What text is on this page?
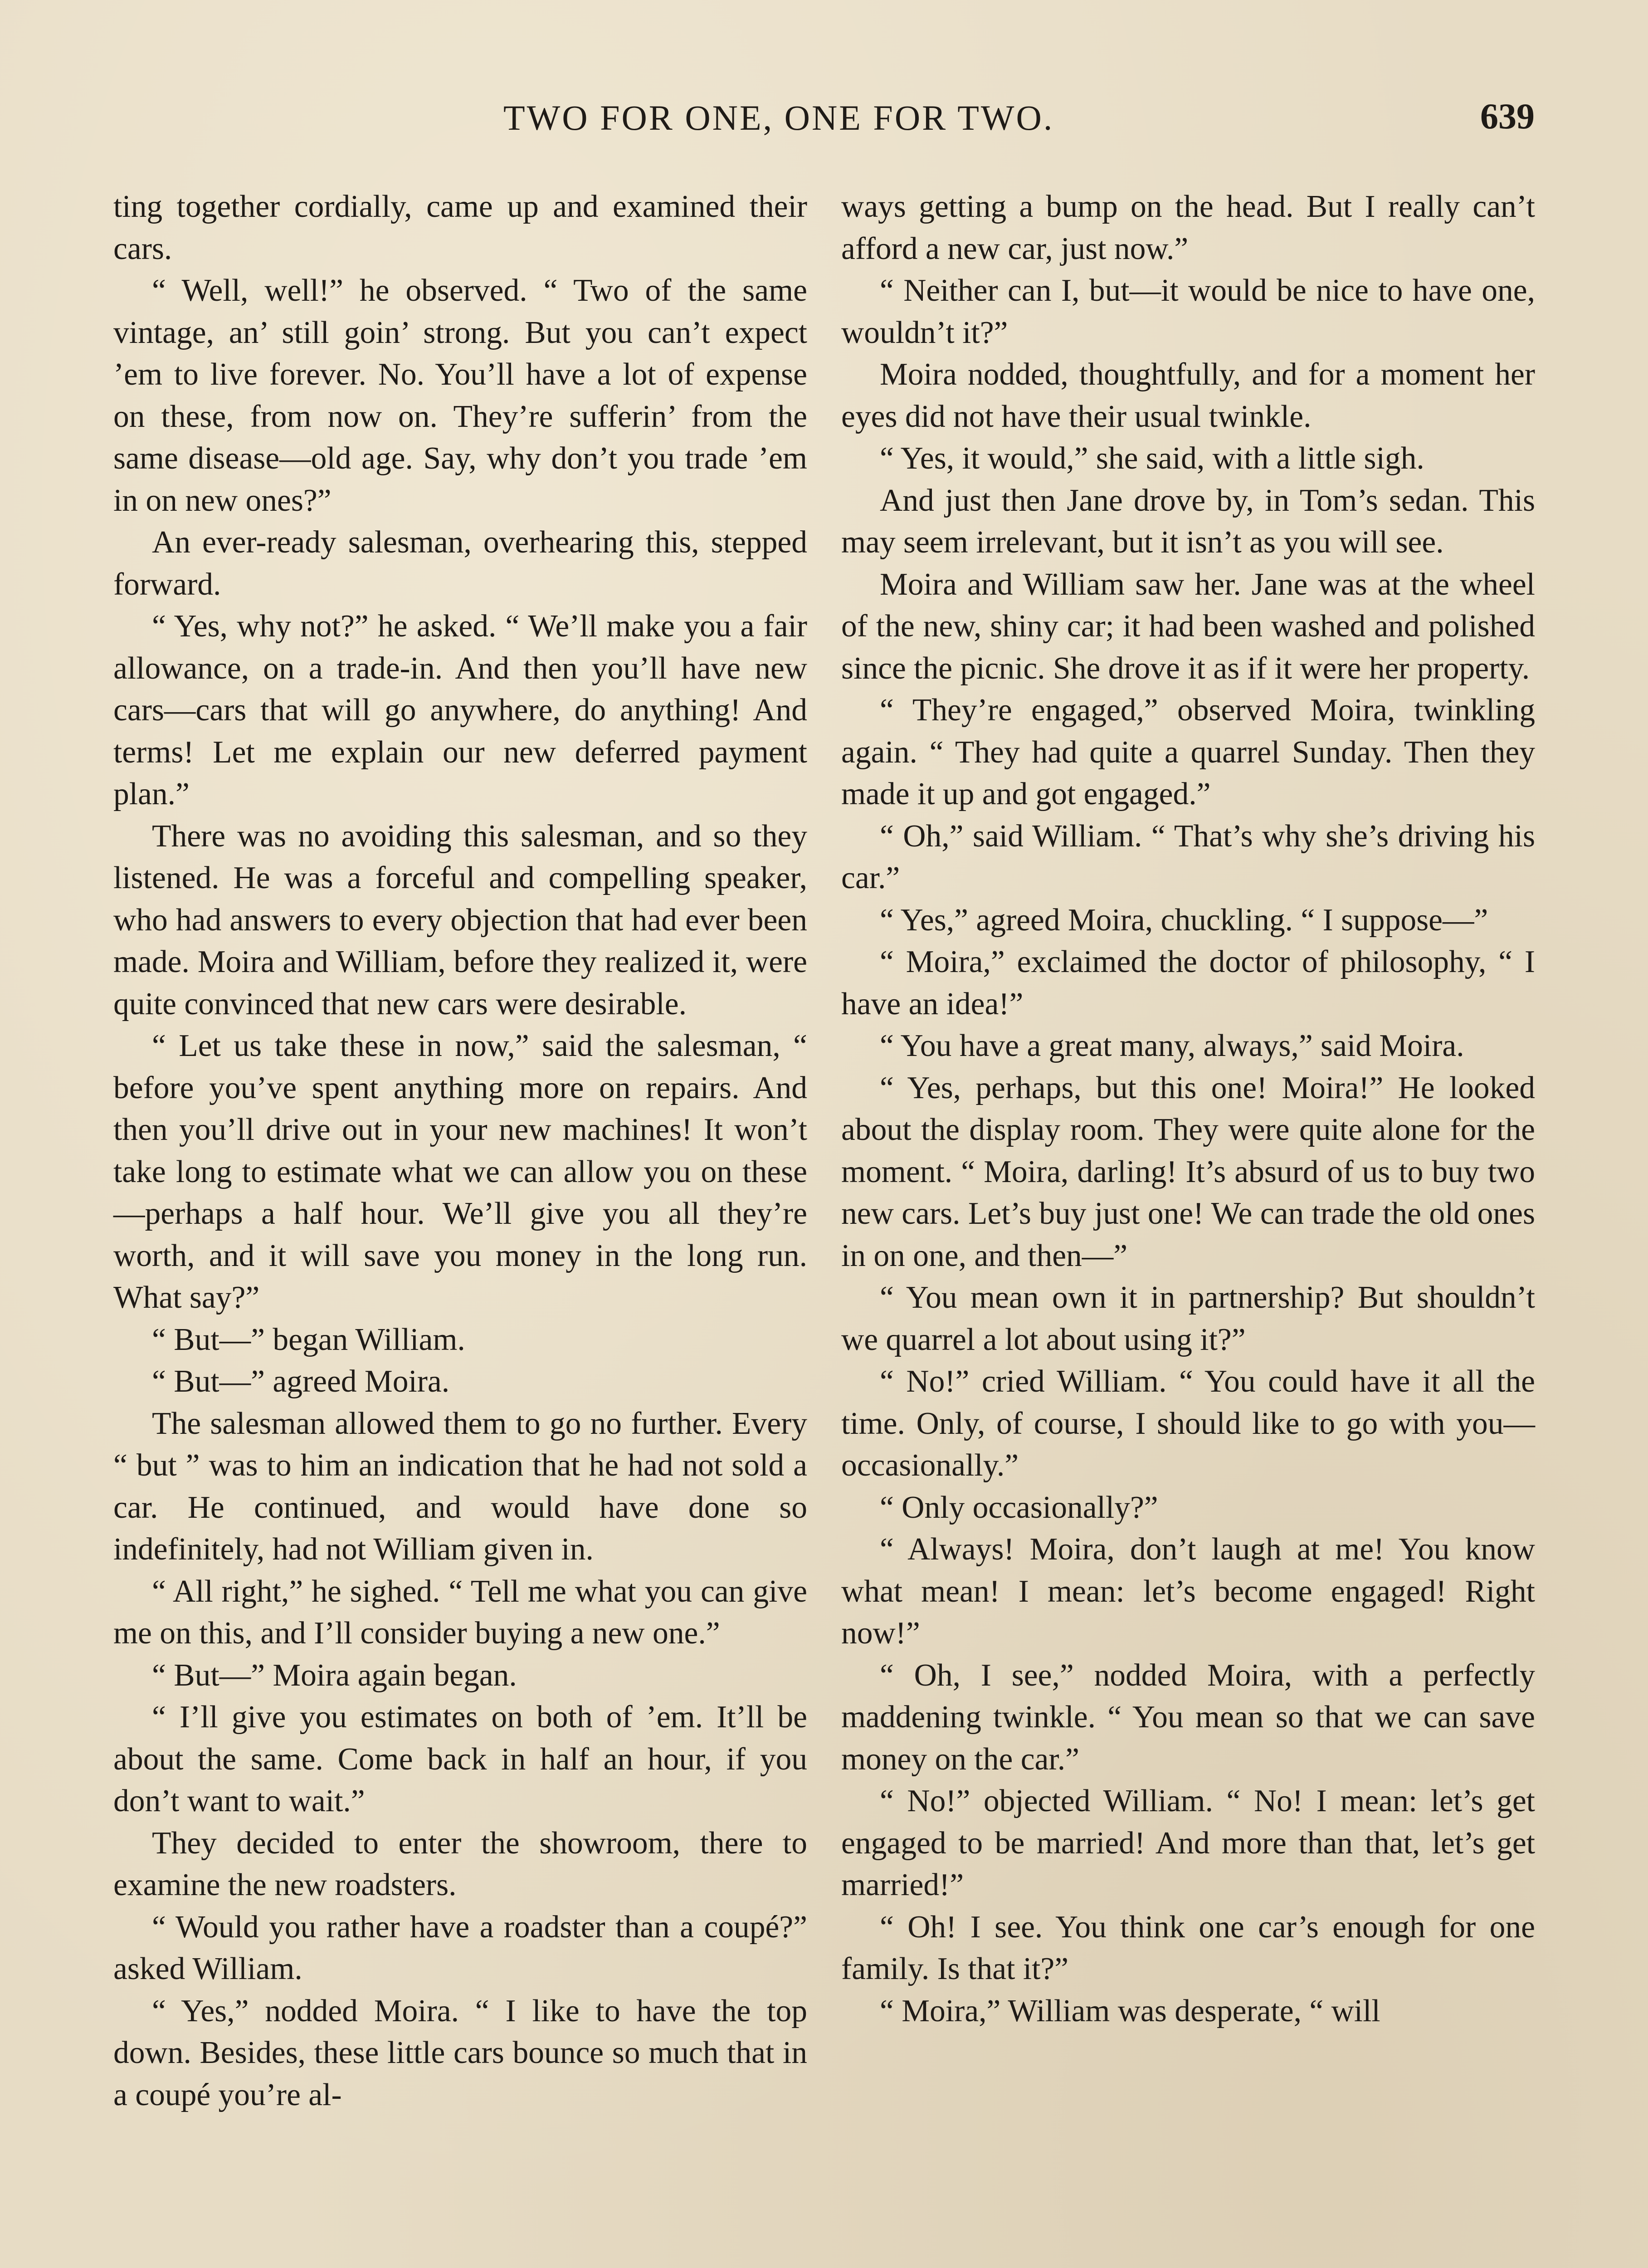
TWO FOR ONE, ONE FOR TWO.	639

ting together cordially, came up and examined their cars.

“ Well, well!” he observed. “ Two of the same vintage, an’ still goin’ strong. But you can’t expect ’em to live forever. No. You’ll have a lot of expense on these, from now on. They’re sufferin’ from the same disease—old age. Say, why don’t you trade ’em in on new ones?”

An ever-ready salesman, overhearing this, stepped forward.

“ Yes, why not?” he asked. “ We’ll make you a fair allowance, on a trade-in. And then you’ll have new cars—cars that will go anywhere, do anything! And terms! Let me explain our new deferred payment plan.”

There was no avoiding this salesman, and so they listened. He was a forceful and compelling speaker, who had answers to every objection that had ever been made. Moira and William, before they realized it, were quite convinced that new cars were desirable.

“ Let us take these in now,” said the salesman, “ before you’ve spent anything more on repairs. And then you’ll drive out in your new machines! It won’t take long to estimate what we can allow you on these —perhaps a half hour. We’ll give you all they’re worth, and it will save you money in the long run. What say?”

“ But—” began William.

“ But—” agreed Moira.

The salesman allowed them to go no further. Every “ but ” was to him an indication that he had not sold a car. He continued, and would have done so indefinitely, had not William given in.

“ All right,” he sighed. “ Tell me what you can give me on this, and I’ll consider buying a new one.”

“ But—” Moira again began.

“ I’ll give you estimates on both of ’em. It’ll be about the same. Come back in half an hour, if you don’t want to wait.”

They decided to enter the showroom, there to examine the new roadsters.

“ Would you rather have a roadster than a coupé?” asked William.

“ Yes,” nodded Moira. “ I like to have the top down. Besides, these little cars bounce so much that in a coupé you’re al-

ways getting a bump on the head. But I really can’t afford a new car, just now.”

“ Neither can I, but—it would be nice to have one, wouldn’t it?”

Moira nodded, thoughtfully, and for a moment her eyes did not have their usual twinkle.

“ Yes, it would,” she said, with a little sigh.

And just then Jane drove by, in Tom’s sedan. This may seem irrelevant, but it isn’t as you will see.

Moira and William saw her. Jane was at the wheel of the new, shiny car; it had been washed and polished since the picnic. She drove it as if it were her property.

“ They’re engaged,” observed Moira, twinkling again. “ They had quite a quarrel Sunday. Then they made it up and got engaged.”

“ Oh,” said William. “ That’s why she’s driving his car.”

“ Yes,” agreed Moira, chuckling. “ I suppose—”

“ Moira,” exclaimed the doctor of philosophy, “ I have an idea!”

“ You have a great many, always,” said Moira.

“ Yes, perhaps, but this one! Moira!” He looked about the display room. They were quite alone for the moment. “ Moira, darling! It’s absurd of us to buy two new cars. Let’s buy just one! We can trade the old ones in on one, and then—”

“ You mean own it in partnership? But shouldn’t we quarrel a lot about using it?”

“ No!” cried William. “ You could have it all the time. Only, of course, I should like to go with you—occasionally.”

“ Only occasionally?”

“ Always! Moira, don’t laugh at me! You know what mean! I mean: let’s become engaged! Right now!”

“ Oh, I see,” nodded Moira, with a perfectly maddening twinkle. “ You mean so that we can save money on the car.”

“ No!” objected William. “ No! I mean: let’s get engaged to be married! And more than that, let’s get married!”

“ Oh! I see. You think one car’s enough for one family. Is that it?”

“ Moira,” William was desperate, “ will
